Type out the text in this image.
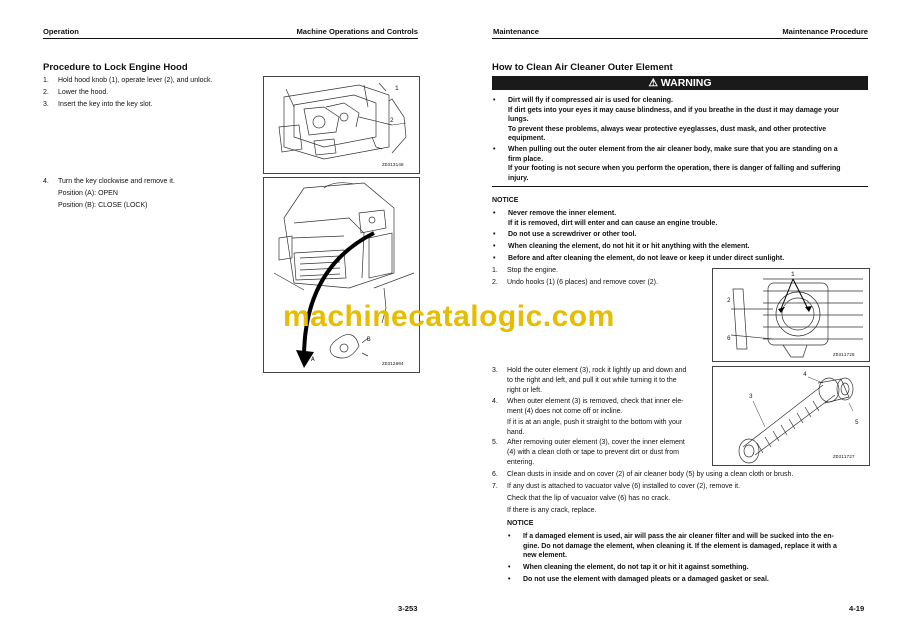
Operation	Machine Operations and Controls
Procedure to Lock Engine Hood
1. Hold hood knob (1), operate lever (2), and unlock.
2. Lower the hood.
3. Insert the key into the key slot.
4. Turn the key clockwise and remove it.
Position (A): OPEN
Position (B): CLOSE (LOCK)
2
1
ZD313148
A
B
ZD312804
3-253
Maintenance	Maintenance Procedure
How to Clean Air Cleaner Outer Element
⚠ WARNING
• Dirt will fly if compressed air is used for cleaning.
If dirt gets into your eyes it may cause blindness, and if you breathe in the dust it may damage your
lungs.
To prevent these problems, always wear protective eyeglasses, dust mask, and other protective
equipment.
• When pulling out the outer element from the air cleaner body, make sure that you are standing on a
firm place.
If your footing is not secure when you perform the operation, there is danger of falling and suffering
injury.
NOTICE
• Never remove the inner element.
If it is removed, dirt will enter and can cause an engine trouble.
• Do not use a screwdriver or other tool.
• When cleaning the element, do not hit it or hit anything with the element.
• Before and after cleaning the element, do not leave or keep it under direct sunlight.
1. Stop the engine.
2. Undo hooks (1) (6 places) and remove cover (2).
1
2
6
ZD311726
3. Hold the outer element (3), rock it lightly up and down and
to the right and left, and pull it out while turning it to the
right or left.
4. When outer element (3) is removed, check that inner ele-
ment (4) does not come off or incline.
If it is at an angle, push it straight to the bottom with your
hand.
5. After removing outer element (3), cover the inner element
(4) with a clean cloth or tape to prevent dirt or dust from
entering.
3
4
5
ZD311727
6. Clean dusts in inside and on cover (2) of air cleaner body (5) by using a clean cloth or brush.
7. If any dust is attached to vacuator valve (6) installed to cover (2), remove it.
Check that the lip of vacuator valve (6) has no crack.
If there is any crack, replace.
NOTICE
• If a damaged element is used, air will pass the air cleaner filter and will be sucked into the en-
gine. Do not damage the element, when cleaning it. If the element is damaged, replace it with a
new element.
• When cleaning the element, do not tap it or hit it against something.
• Do not use the element with damaged pleats or a damaged gasket or seal.
4-19
machinecatalogic.com
